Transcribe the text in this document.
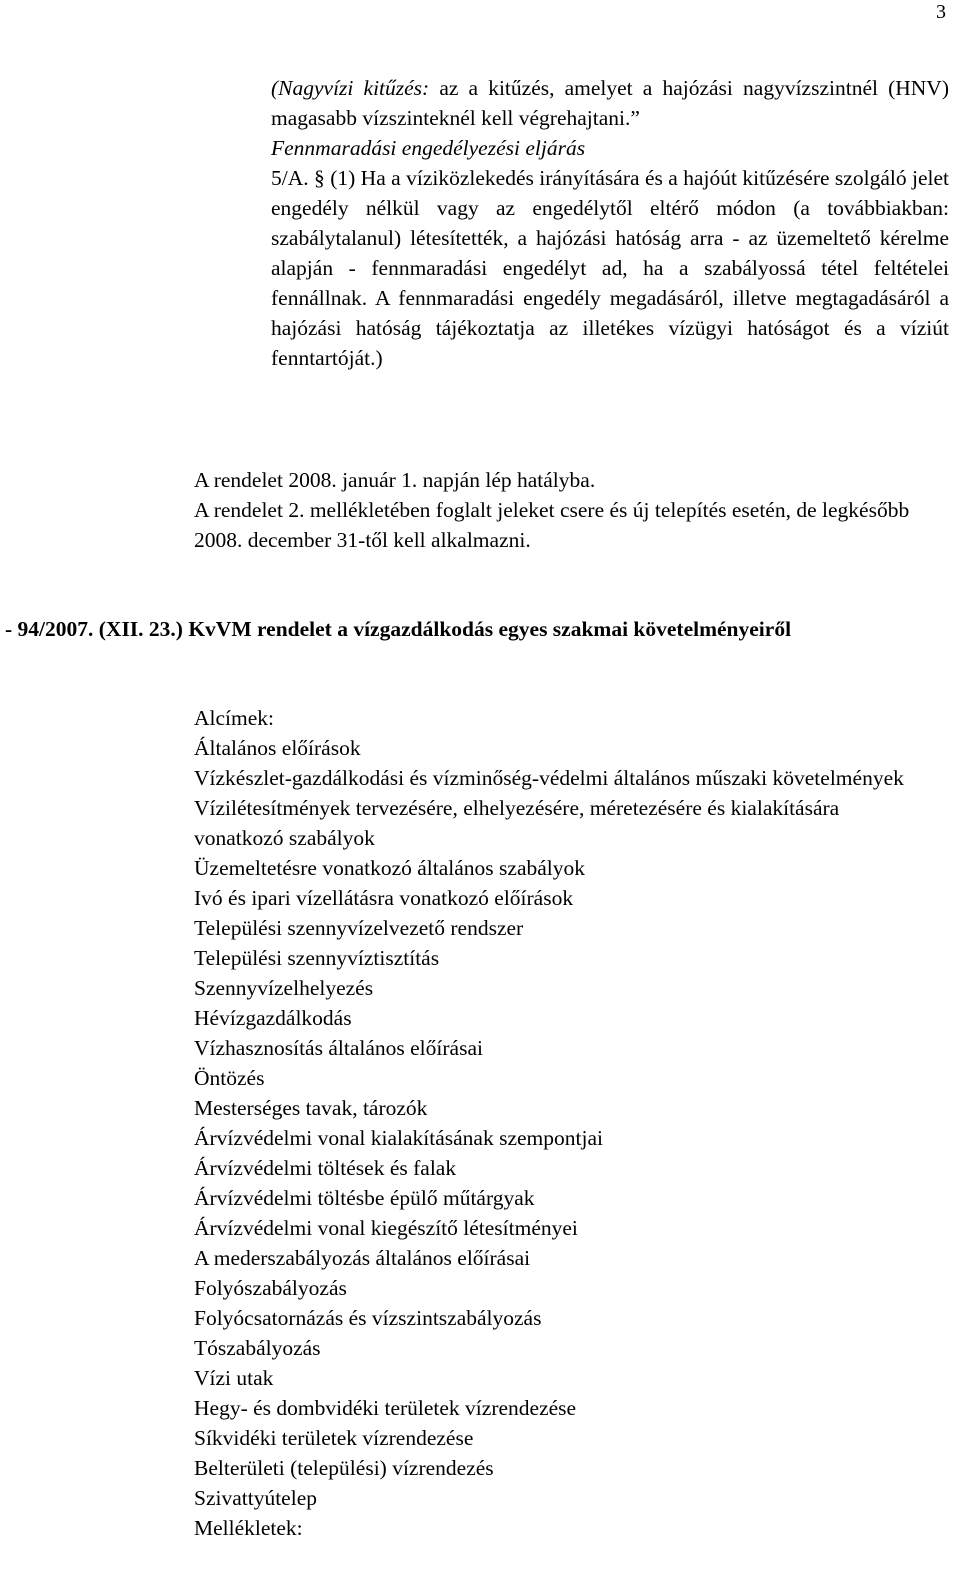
3

(Nagyvízi kitűzés: az a kitűzés, amelyet a hajózási nagyvízszintnél (HNV) magasabb vízszinteknél kell végrehajtani.”

Fennmaradási engedélyezési eljárás

5/A. § (1) Ha a víziközlekedés irányítására és a hajóút kitűzésére szolgáló jelet engedély nélkül vagy az engedélytől eltérő módon (a továbbiakban: szabálytalanul) létesítették, a hajózási hatóság arra - az üzemeltető kérelme alapján - fennmaradási engedélyt ad, ha a szabályossá tétel feltételei fennállnak. A fennmaradási engedély megadásáról, illetve megtagadásáról a hajózási hatóság tájékoztatja az illetékes vízügyi hatóságot és a víziút fenntartóját.)

A rendelet 2008. január 1. napján lép hatályba.

A rendelet 2. mellékletében foglalt jeleket csere és új telepítés esetén, de legkésőbb 2008. december 31-től kell alkalmazni.

- 94/2007. (XII. 23.) KvVM rendelet a vízgazdálkodás egyes szakmai követelményeiről

Alcímek:

Általános előírások
Vízkészlet-gazdálkodási és vízminőség-védelmi általános műszaki követelmények
Vízilétesítmények tervezésére, elhelyezésére, méretezésére és kialakítására vonatkozó szabályok
Üzemeltetésre vonatkozó általános szabályok
Ivó és ipari vízellátásra vonatkozó előírások
Települési szennyvízelvezető rendszer
Települési szennyvíztisztítás
Szennyvízelhelyezés
Hévízgazdálkodás
Vízhasznosítás általános előírásai
Öntözés
Mesterséges tavak, tározók
Árvízvédelmi vonal kialakításának szempontjai
Árvízvédelmi töltések és falak
Árvízvédelmi töltésbe épülő műtárgyak
Árvízvédelmi vonal kiegészítő létesítményei
A mederszabályozás általános előírásai
Folyószabályozás
Folyócsatornázás és vízszintszabályozás
Tószabályozás
Vízi utak
Hegy- és dombvidéki területek vízrendezése
Síkvidéki területek vízrendezése
Belterületi (települési) vízrendezés
Szivattyútelep

Mellékletek:
